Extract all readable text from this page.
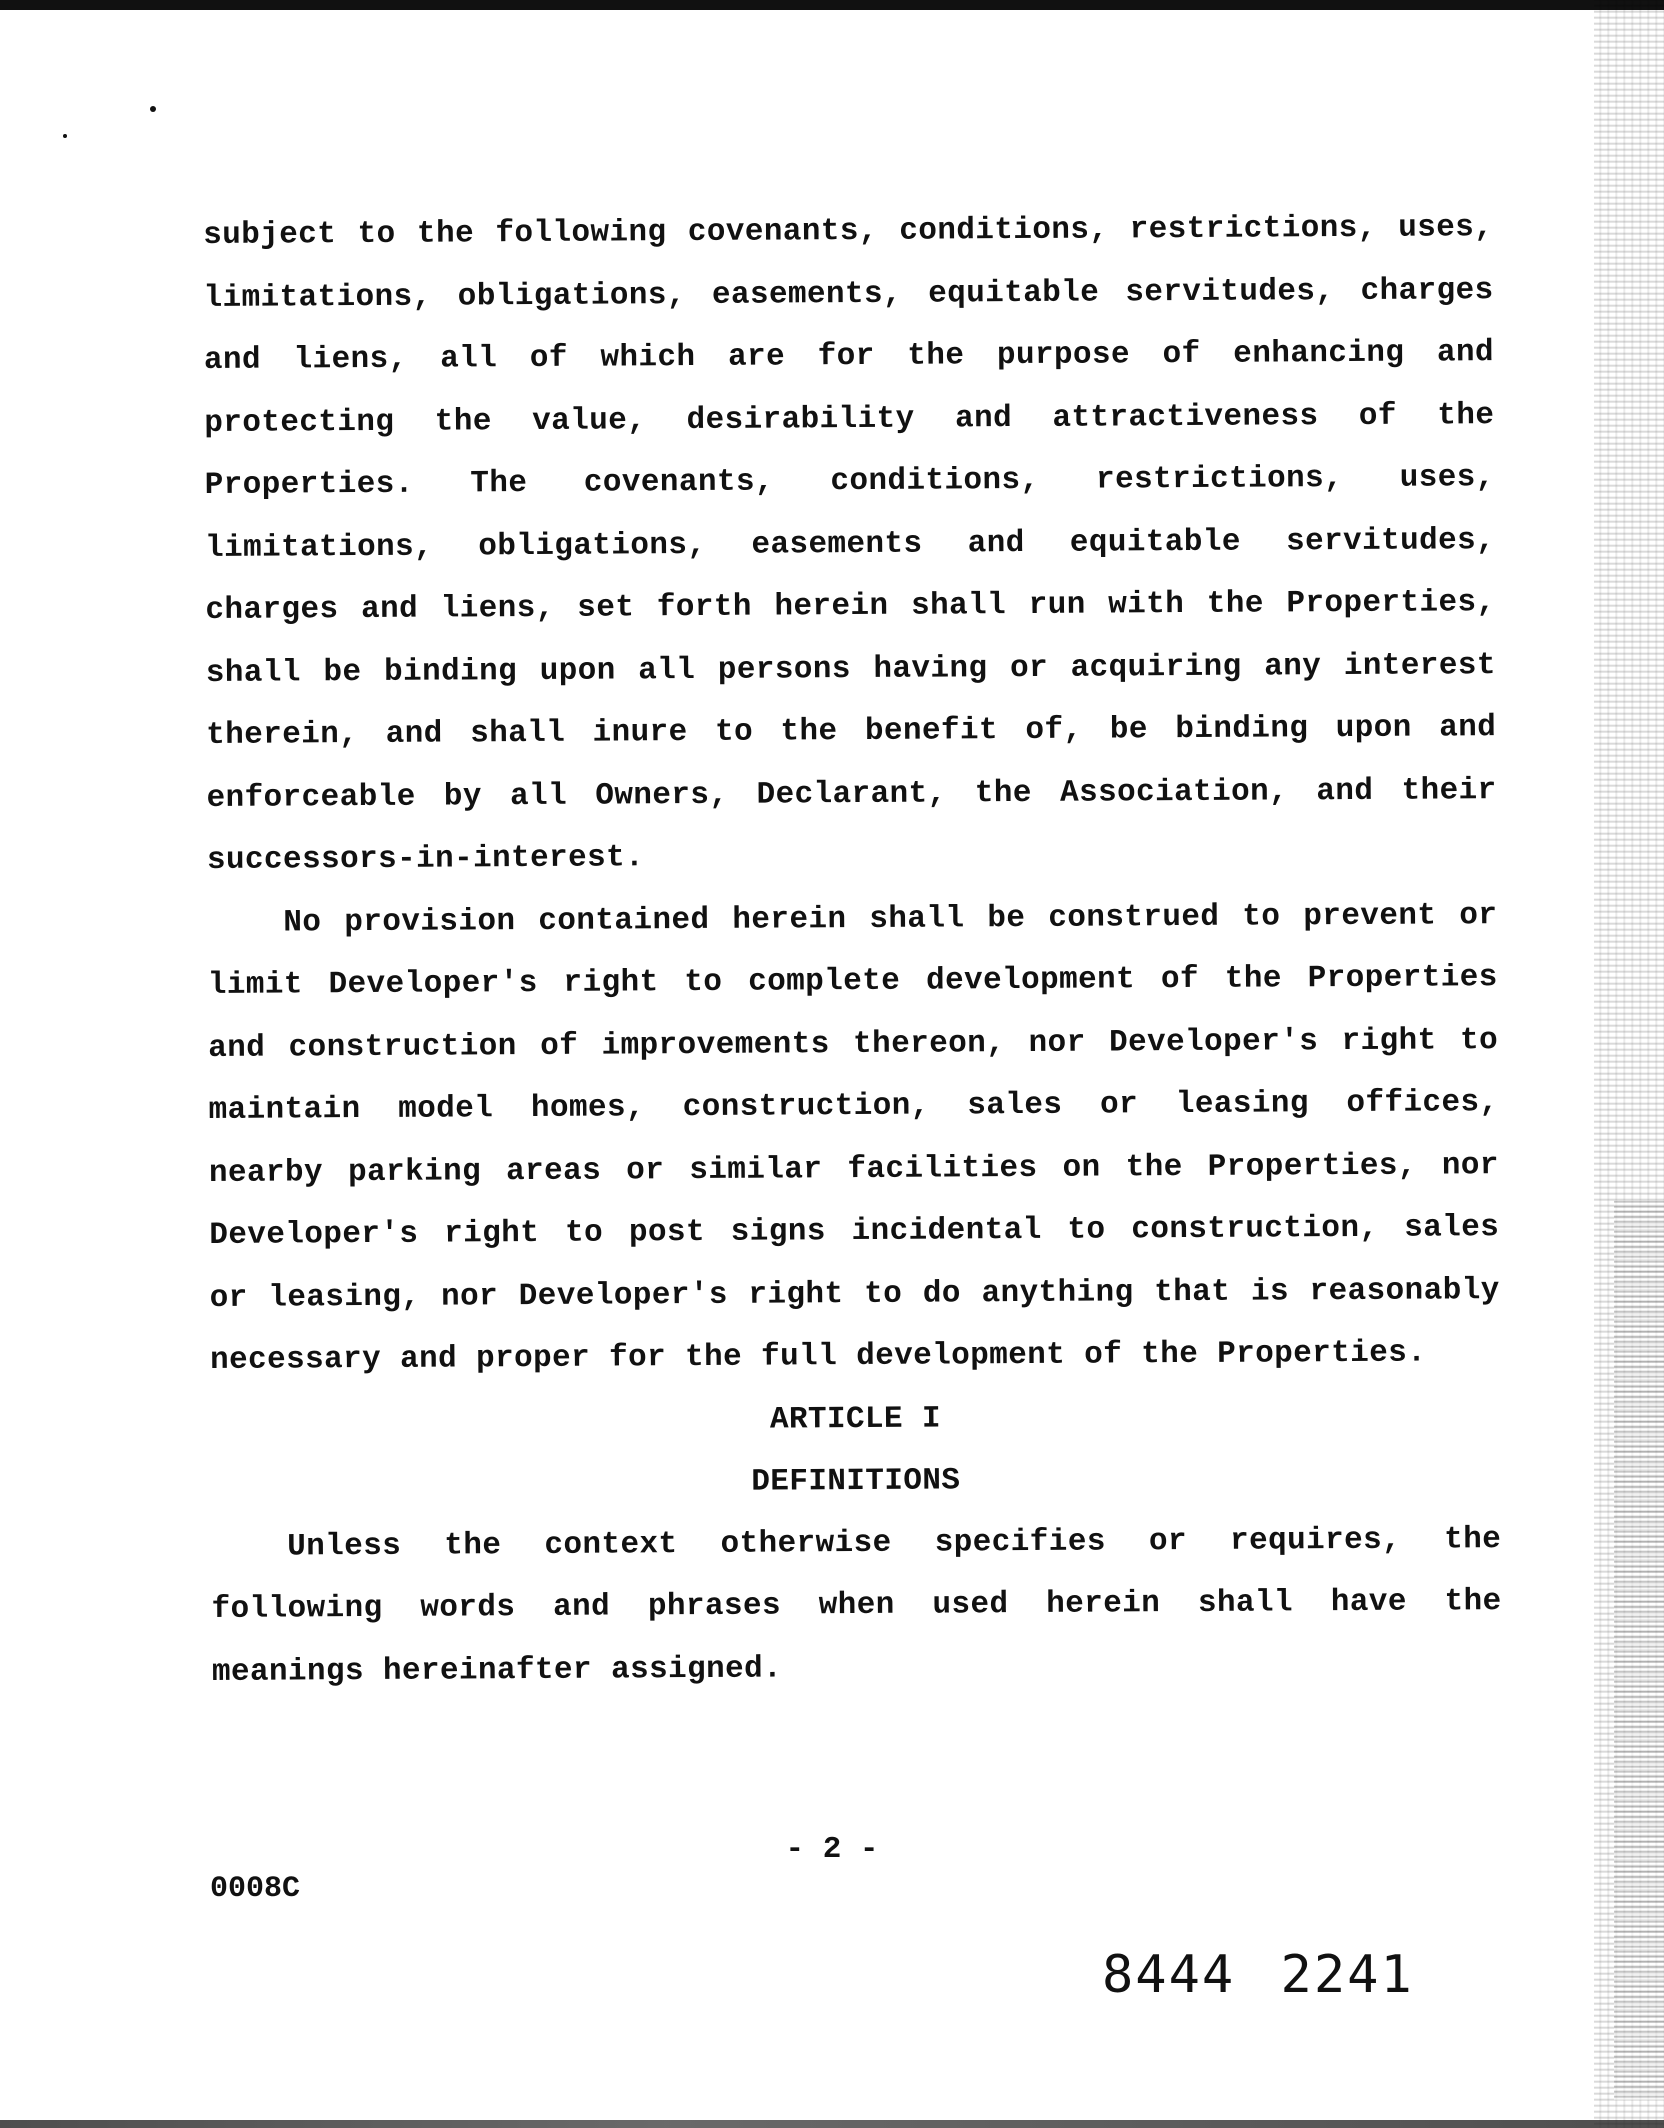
subject to the following covenants, conditions, restrictions, uses, limitations, obligations, easements, equitable servitudes, charges and liens, all of which are for the purpose of enhancing and protecting the value, desirability and attractiveness of the Properties. The covenants, conditions, restrictions, uses, limitations, obligations, easements and equitable servitudes, charges and liens, set forth herein shall run with the Properties, shall be binding upon all persons having or acquiring any interest therein, and shall inure to the benefit of, be binding upon and enforceable by all Owners, Declarant, the Association, and their successors-in-interest.

No provision contained herein shall be construed to prevent or limit Developer's right to complete development of the Properties and construction of improvements thereon, nor Developer's right to maintain model homes, construction, sales or leasing offices, nearby parking areas or similar facilities on the Properties, nor Developer's right to post signs incidental to construction, sales or leasing, nor Developer's right to do anything that is reasonably necessary and proper for the full development of the Properties.

ARTICLE I

DEFINITIONS

Unless the context otherwise specifies or requires, the following words and phrases when used herein shall have the meanings hereinafter assigned.

- 2 -
0008C
8444 2241
